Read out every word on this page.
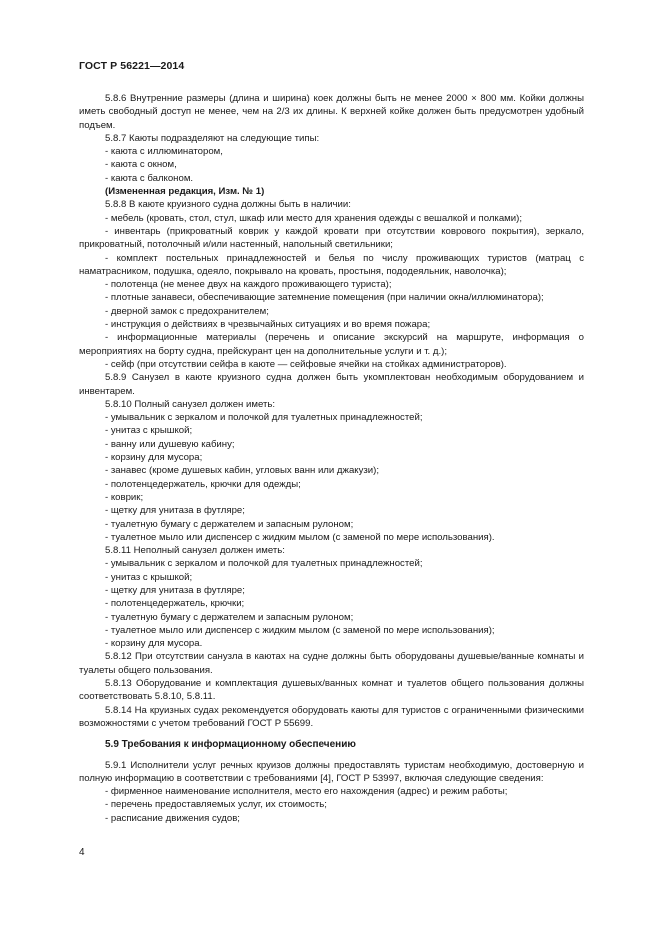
ГОСТ Р 56221—2014

5.8.6 Внутренние размеры (длина и ширина) коек должны быть не менее 2000 × 800 мм. Койки должны иметь свободный доступ не менее, чем на 2/3 их длины. К верхней койке должен быть предусмотрен удобный подъем.

5.8.7 Каюты подразделяют на следующие типы:

- каюта с иллюминатором,

- каюта с окном,

- каюта с балконом.

(Измененная редакция, Изм. № 1)

5.8.8 В каюте круизного судна должны быть в наличии:

- мебель (кровать, стол, стул, шкаф или место для хранения одежды с вешалкой и полками);

- инвентарь (прикроватный коврик у каждой кровати при отсутствии коврового покрытия), зеркало, прикроватный, потолочный и/или настенный, напольный светильники;

- комплект постельных принадлежностей и белья по числу проживающих туристов (матрац с наматрасником, подушка, одеяло, покрывало на кровать, простыня, пододеяльник, наволочка);

- полотенца (не менее двух на каждого проживающего туриста);

- плотные занавеси, обеспечивающие затемнение помещения (при наличии окна/иллюминатора);

- дверной замок с предохранителем;

- инструкция о действиях в чрезвычайных ситуациях и во время пожара;

- информационные материалы (перечень и описание экскурсий на маршруте, информация о мероприятиях на борту судна, прейскурант цен на дополнительные услуги и т. д.);

- сейф (при отсутствии сейфа в каюте — сейфовые ячейки на стойках администраторов).

5.8.9 Санузел в каюте круизного судна должен быть укомплектован необходимым оборудованием и инвентарем.

5.8.10 Полный санузел должен иметь:

- умывальник с зеркалом и полочкой для туалетных принадлежностей;

- унитаз с крышкой;

- ванну или душевую кабину;

- корзину для мусора;

- занавес (кроме душевых кабин, угловых ванн или джакузи);

- полотенцедержатель, крючки для одежды;

- коврик;

- щетку для унитаза в футляре;

- туалетную бумагу с держателем и запасным рулоном;

- туалетное мыло или диспенсер с жидким мылом (с заменой по мере использования).

5.8.11 Неполный санузел должен иметь:

- умывальник с зеркалом и полочкой для туалетных принадлежностей;

- унитаз с крышкой;

- щетку для унитаза в футляре;

- полотенцедержатель, крючки;

- туалетную бумагу с держателем и запасным рулоном;

- туалетное мыло или диспенсер с жидким мылом (с заменой по мере использования);

- корзину для мусора.

5.8.12 При отсутствии санузла в каютах на судне должны быть оборудованы душевые/ванные комнаты и туалеты общего пользования.

5.8.13 Оборудование и комплектация душевых/ванных комнат и туалетов общего пользования должны соответствовать 5.8.10, 5.8.11.

5.8.14 На круизных судах рекомендуется оборудовать каюты для туристов с ограниченными физическими возможностями с учетом требований ГОСТ Р 55699.

5.9 Требования к информационному обеспечению

5.9.1 Исполнители услуг речных круизов должны предоставлять туристам необходимую, достоверную и полную информацию в соответствии с требованиями [4], ГОСТ Р 53997, включая следующие сведения:

- фирменное наименование исполнителя, место его нахождения (адрес) и режим работы;

- перечень предоставляемых услуг, их стоимость;

- расписание движения судов;

4
